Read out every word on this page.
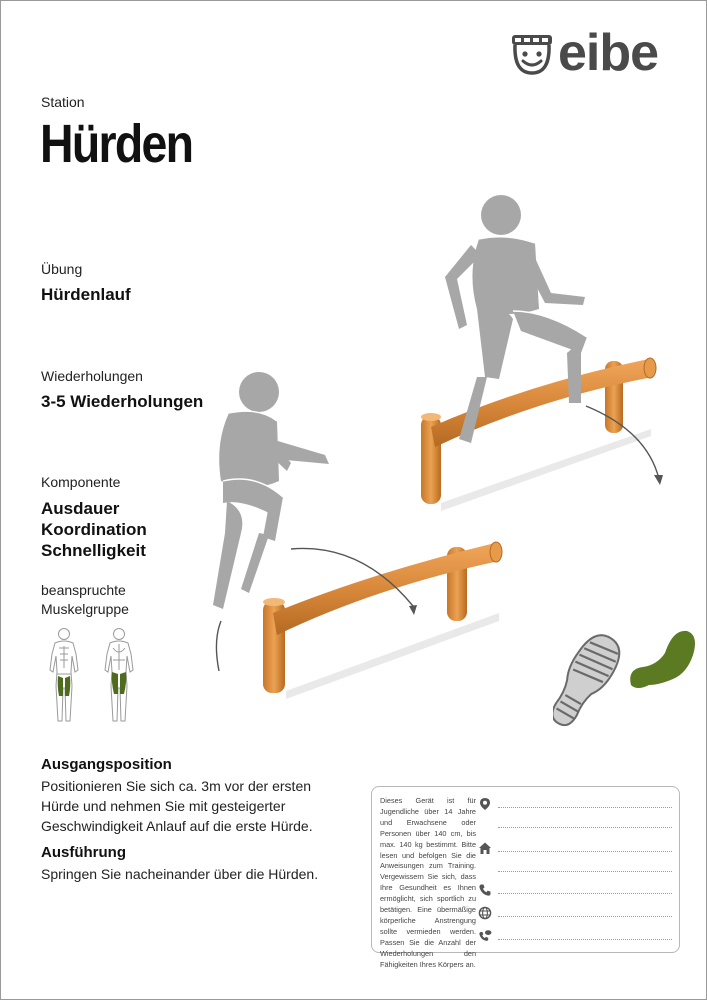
eibe
Station
Hürden
Übung
Hürdenlauf
Wiederholungen
3-5 Wiederholungen
Komponente
Ausdauer
Koordination
Schnelligkeit
beanspruchte
Muskelgruppe
Ausgangsposition
Positionieren Sie sich ca. 3m vor der ersten Hürde und nehmen Sie mit gesteigerter Geschwindigkeit Anlauf auf die erste Hürde.
Ausführung
Springen Sie nacheinander über die Hürden.
Dieses Gerät ist für Jugendliche über 14 Jahre und Erwachsene oder Personen über 140 cm, bis max. 140 kg bestimmt. Bitte lesen und befolgen Sie die Anweisungen zum Training. Vergewissern Sie sich, dass Ihre Gesundheit es Ihnen ermöglicht, sich sportlich zu betätigen. Eine übermäßige körperliche Anstrengung sollte vermieden werden. Passen Sie die Anzahl der Wiederholungen den Fähigkeiten Ihres Körpers an.
